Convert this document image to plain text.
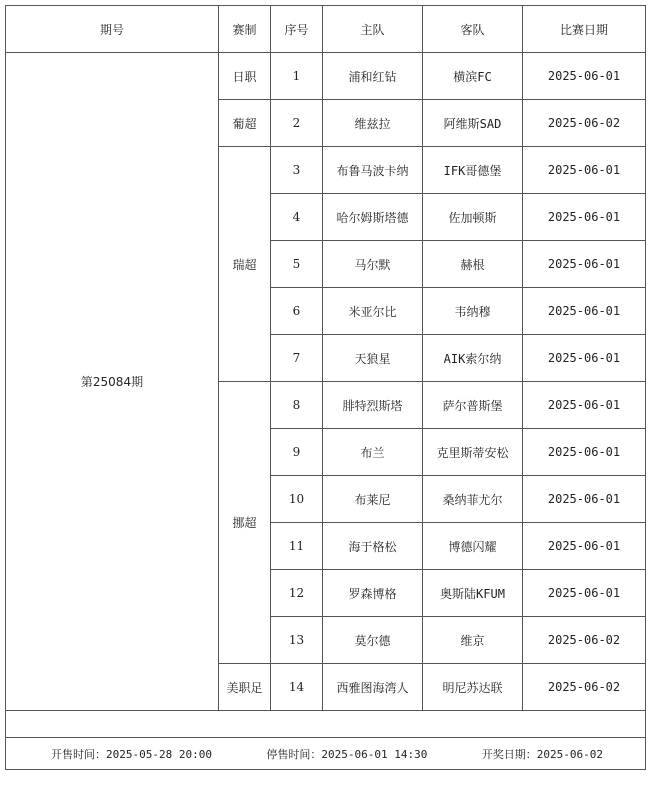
期号	赛制	序号	主队	客队	比赛日期
第25084期	日职	1	浦和红钻	横滨FC	2025-06-01
	葡超	2	维兹拉	阿维斯SAD	2025-06-02
	瑞超	3	布鲁马波卡纳	IFK哥德堡	2025-06-01
		4	哈尔姆斯塔德	佐加顿斯	2025-06-01
		5	马尔默	赫根	2025-06-01
		6	米亚尔比	韦纳穆	2025-06-01
		7	天狼星	AIK索尔纳	2025-06-01
	挪超	8	腓特烈斯塔	萨尔普斯堡	2025-06-01
		9	布兰	克里斯蒂安松	2025-06-01
		10	布莱尼	桑纳菲尤尔	2025-06-01
		11	海于格松	博德闪耀	2025-06-01
		12	罗森博格	奥斯陆KFUM	2025-06-01
		13	莫尔德	维京	2025-06-02
	美职足	14	西雅图海湾人	明尼苏达联	2025-06-02

开售时间：2025-05-28 20:00 停售时间：2025-06-01 14:30 开奖日期：2025-06-02					
